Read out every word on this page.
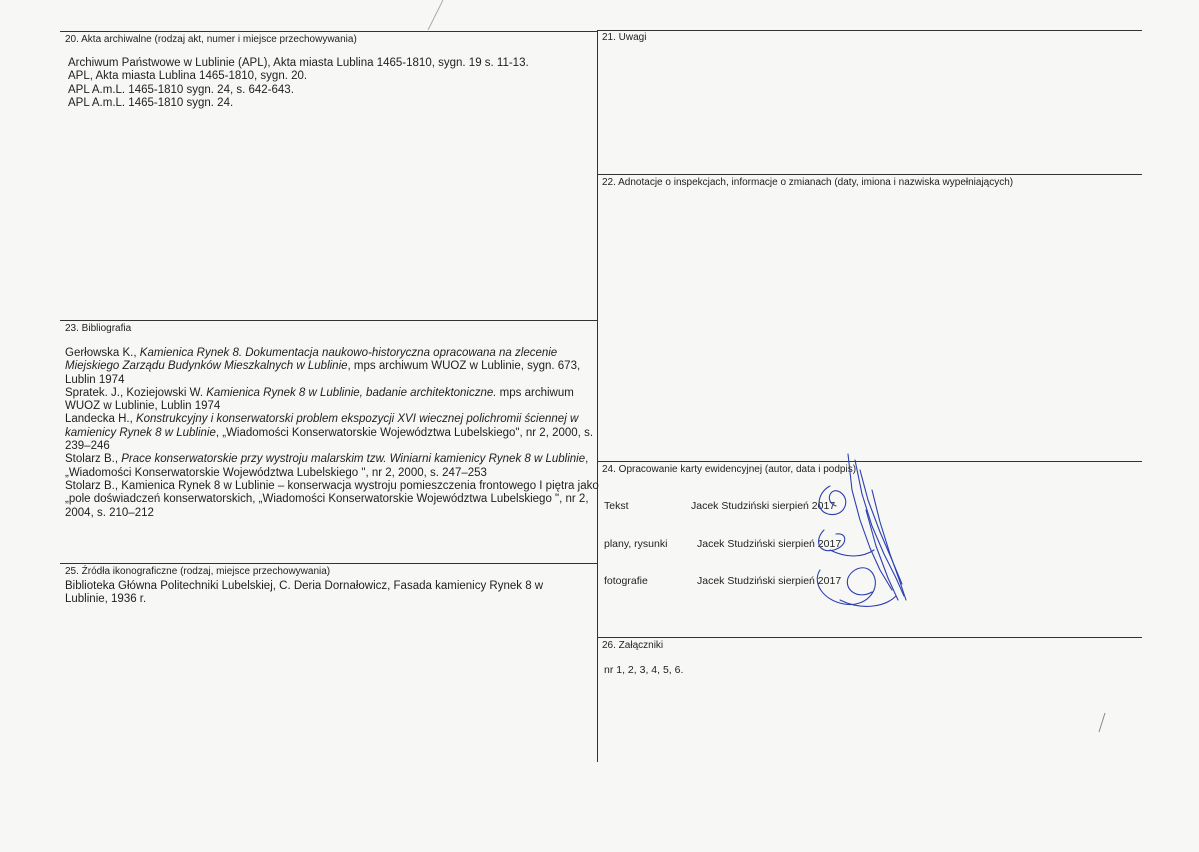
20. Akta archiwalne (rodzaj akt, numer i miejsce przechowywania)
Archiwum Państwowe w Lublinie (APL), Akta miasta Lublina 1465-1810, sygn. 19 s. 11-13.
APL, Akta miasta Lublina 1465-1810, sygn. 20.
APL A.m.L. 1465-1810 sygn. 24, s. 642-643.
APL A.m.L. 1465-1810 sygn. 24.
23. Bibliografia
Gerłowska K., Kamienica Rynek 8. Dokumentacja naukowo-historyczna opracowana na zlecenie Miejskiego Zarządu Budynków Mieszkalnych w Lublinie, mps archiwum WUOZ w Lublinie, sygn. 673, Lublin 1974
Spratek. J., Koziejowski W. Kamienica Rynek 8 w Lublinie, badanie architektoniczne. mps archiwum WUOZ w Lublinie, Lublin 1974
Landecka H., Konstrukcyjny i konserwatorski problem ekspozycji XVI wiecznej polichromii ściennej w kamienicy Rynek 8 w Lublinie, „Wiadomości Konserwatorskie Województwa Lubelskiego", nr 2, 2000, s. 239–246
Stolarz B., Prace konserwatorskie przy wystroju malarskim tzw. Winiarni kamienicy Rynek 8 w Lublinie, „Wiadomości Konserwatorskie Województwa Lubelskiego ", nr 2, 2000, s. 247–253
Stolarz B., Kamienica Rynek 8 w Lublinie – konserwacja wystroju pomieszczenia frontowego I piętra jako „pole doświadczeń konserwatorskich, „Wiadomości Konserwatorskie Województwa Lubelskiego ", nr 2, 2004, s. 210–212
25. Źródła ikonograficzne (rodzaj, miejsce przechowywania)
Biblioteka Główna Politechniki Lubelskiej, C. Deria Dornałowicz, Fasada kamienicy Rynek 8 w
Lublinie, 1936 r.
21. Uwagi
22. Adnotacje o inspekcjach, informacje o zmianach (daty, imiona i nazwiska wypełniających)
24. Opracowanie karty ewidencyjnej (autor, data i podpis)
Tekst	Jacek Studziński sierpień 2017
plany, rysunki	Jacek Studziński sierpień 2017
fotografie	Jacek Studziński sierpień 2017
26. Załączniki
nr 1, 2, 3, 4, 5, 6.
